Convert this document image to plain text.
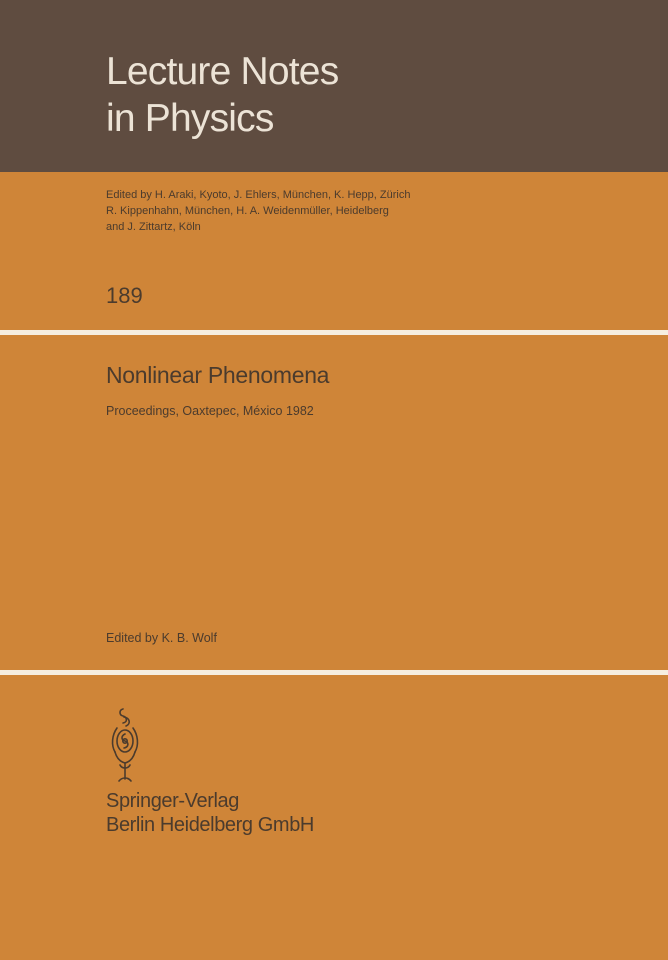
Lecture Notes
in Physics
Edited by H. Araki, Kyoto, J. Ehlers, München, K. Hepp, Zürich
R. Kippenhahn, München, H. A. Weidenmüller, Heidelberg
and J. Zittartz, Köln
189
Nonlinear Phenomena
Proceedings, Oaxtepec, México 1982
Edited by K. B. Wolf
Springer-Verlag
Berlin Heidelberg GmbH
